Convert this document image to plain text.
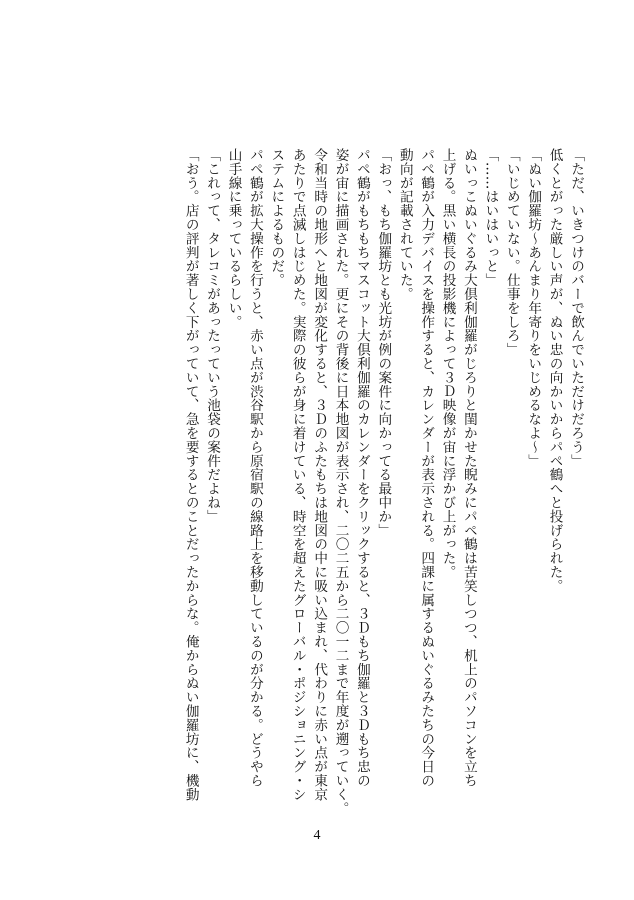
「ただ、いきつけのバーで飲んでいただけだろう」
低くとがった厳しい声が、ぬい忠の向かいからパペ鶴へと投げられた。
「ぬい伽羅坊〜あんまり年寄りをいじめるなよ〜」
「いじめていない。仕事をしろ」
「……はいはいっと」
ぬいっこぬいぐるみ大倶利伽羅がじろりと閨かせた睨みにパペ鶴は苦笑しつつ、机上のパソコンを立ち
上げる。黒い横長の投影機によって３Ｄ映像が宙に浮かび上がった。
パペ鶴が入力デバイスを操作すると、カレンダーが表示される。四課に属するぬいぐるみたちの今日の
動向が記載されていた。
「おっ、もち伽羅坊とも光坊が例の案件に向かってる最中か」
パペ鶴がもちもちマスコット大倶利伽羅のカレンダーをクリックすると、３Ｄもち伽羅と３Ｄもち忠の
姿が宙に描画された。更にその背後に日本地図が表示され、二〇二五から二〇一二まで年度が遡っていく。
令和当時の地形へと地図が変化すると、３Ｄのふたもちは地図の中に吸い込まれ、代わりに赤い点が東京
あたりで点滅しはじめた。実際の彼らが身に着けている、時空を超えたグローバル・ポジショニング・シ
ステムによるものだ。
パペ鶴が拡大操作を行うと、赤い点が渋谷駅から原宿駅の線路上を移動しているのが分かる。どうやら
山手線に乗っているらしい。
「これって、タレコミがあったっていう池袋の案件だよね」
「おう。店の評判が著しく下がっていて、急を要するとのことだったからな。俺からぬい伽羅坊に、機動
4
